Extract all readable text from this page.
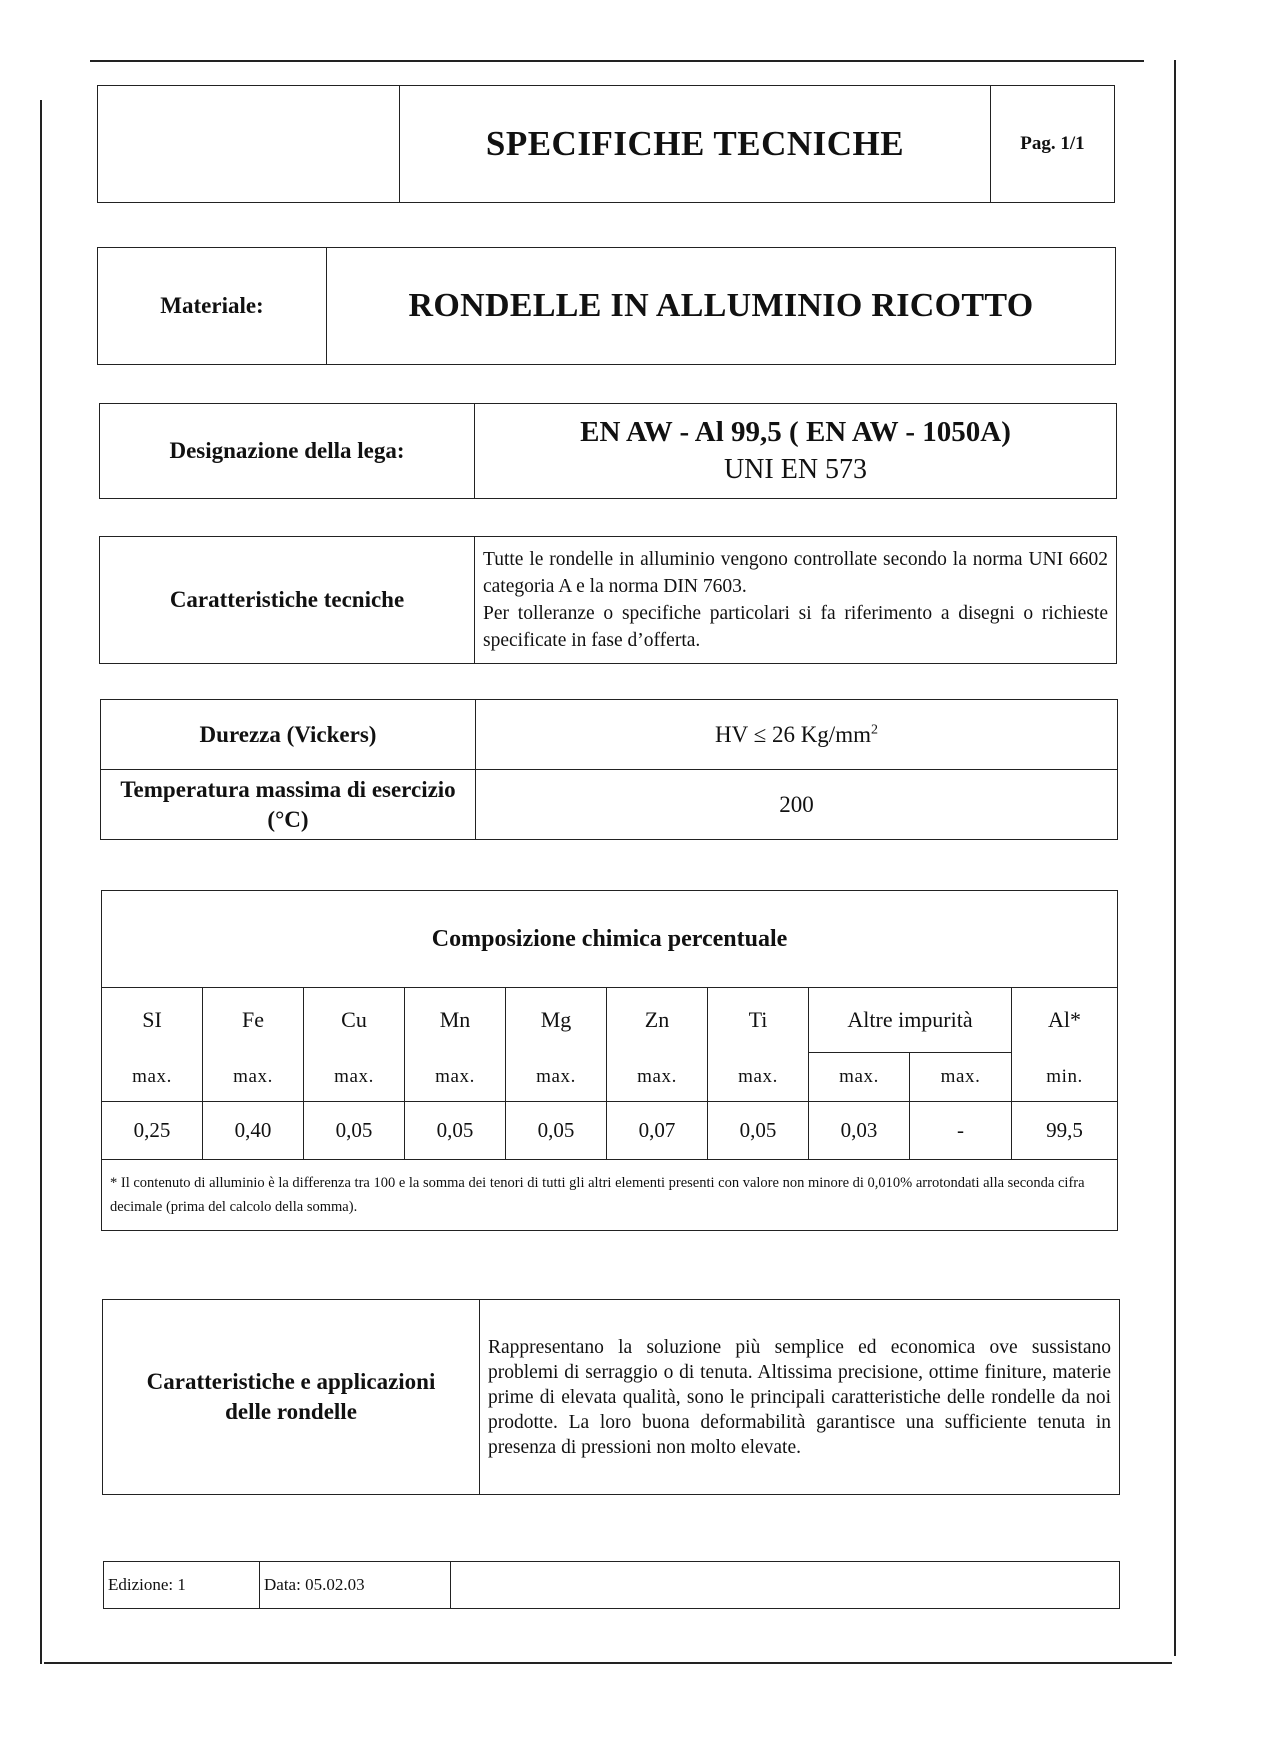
	SPECIFICHE TECNICHE	Pag. 1/1
Materiale:	RONDELLE IN ALLUMINIO RICOTTO
Designazione della lega:	
EN AW - Al 99,5 ( EN AW - 1050A)
UNI EN 573
Caratteristiche tecniche	
Tutte le rondelle in alluminio vengono controllate secondo la norma UNI 6602 categoria A e la norma DIN 7603.
Per tolleranze o specifiche particolari si fa riferimento a disegni o richieste specificate in fase d’offerta.
Durezza (Vickers)	HV ≤ 26 $Kg/mm^2$
Temperatura massima di esercizio (°C)	200
Composizione chimica percentuale									
SI	Fe	Cu	Mn	Mg	Zn	Ti	Altre impurità		Al*
max.	max.	max.	max.	max.	max.	max.	max.	max.	min.
0,25	0,40	0,05	0,05	0,05	0,07	0,05	0,03	-	99,5
* Il contenuto di alluminio è la differenza tra 100 e la somma dei tenori di tutti gli altri elementi presenti con valore non minore di 0,010% arrotondati alla seconda cifra decimale (prima del calcolo della somma).									
Caratteristiche e applicazioni
delle rondelle
	Rappresentano la soluzione più semplice ed economica ove sussistano problemi di serraggio o di tenuta. Altissima precisione, ottime finiture, materie prime di elevata qualità, sono le principali caratteristiche delle rondelle da noi prodotte. La loro buona deformabilità garantisce una sufficiente tenuta in presenza di pressioni non molto elevate.
Edizione: 1	Data: 05.02.03	
